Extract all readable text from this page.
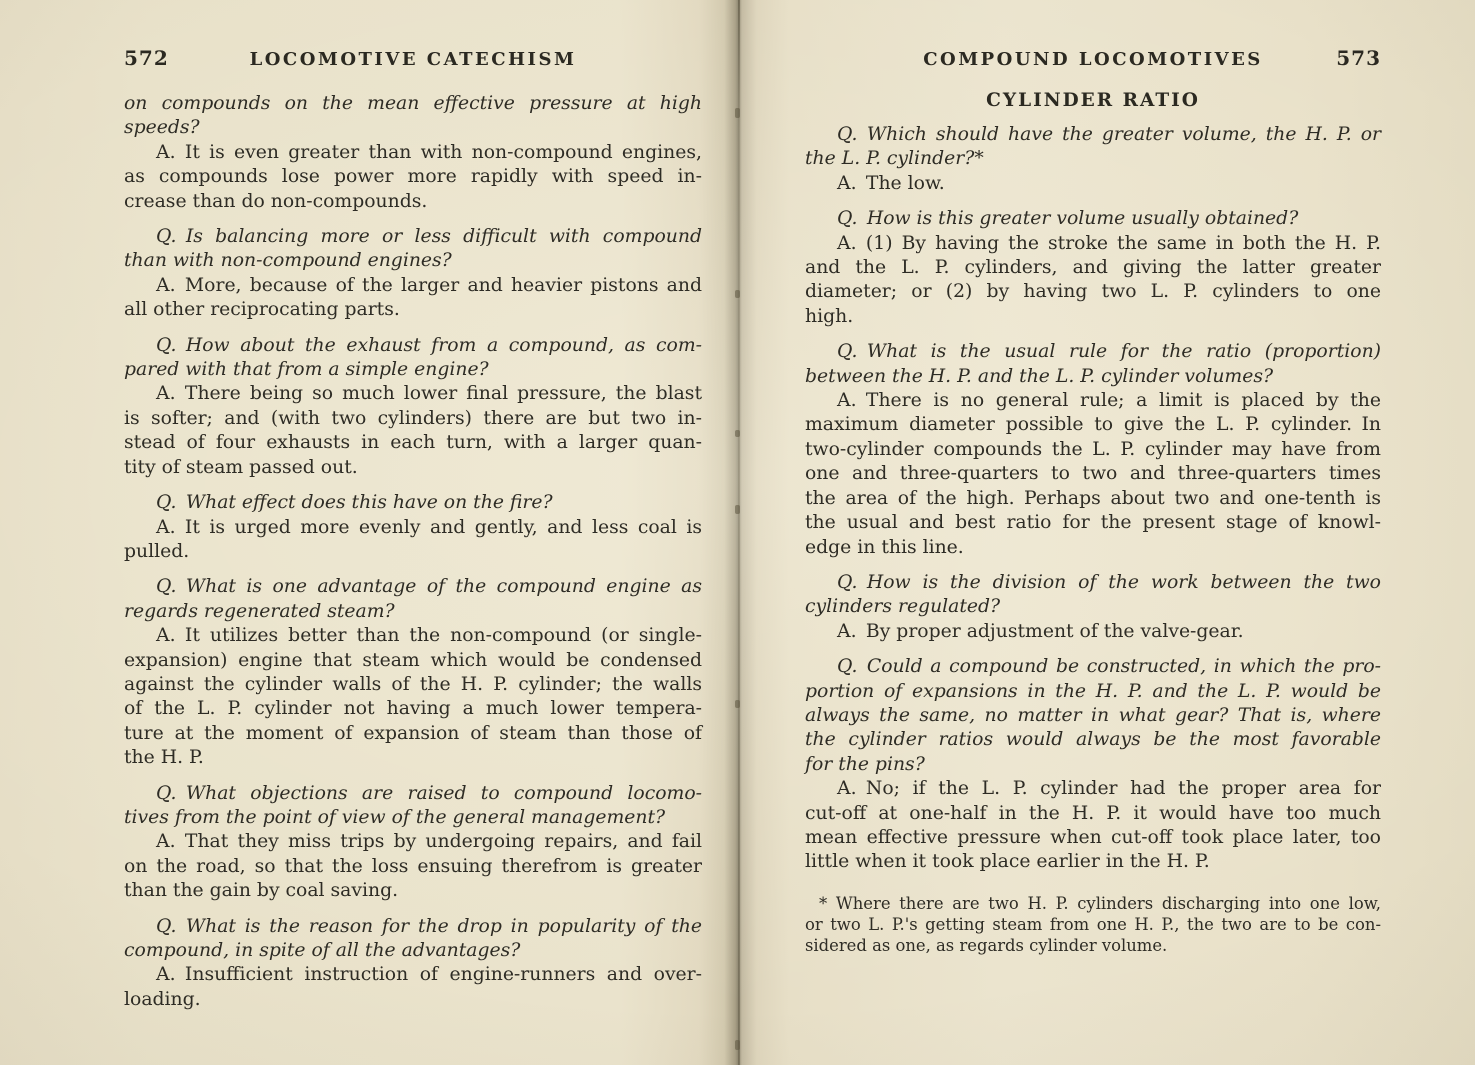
572	LOCOMOTIVE CATECHISM
on compounds on the mean effective pressure at high
speeds?
A. It is even greater than with non-compound engines,
as compounds lose power more rapidly with speed in-
crease than do non-compounds.
Q. Is balancing more or less difficult with compound
than with non-compound engines?
A. More, because of the larger and heavier pistons and
all other reciprocating parts.
Q. How about the exhaust from a compound, as com-
pared with that from a simple engine?
A. There being so much lower final pressure, the blast
is softer; and (with two cylinders) there are but two in-
stead of four exhausts in each turn, with a larger quan-
tity of steam passed out.
Q. What effect does this have on the fire?
A. It is urged more evenly and gently, and less coal is
pulled.
Q. What is one advantage of the compound engine as
regards regenerated steam?
A. It utilizes better than the non-compound (or single-
expansion) engine that steam which would be condensed
against the cylinder walls of the H. P. cylinder; the walls
of the L. P. cylinder not having a much lower tempera-
ture at the moment of expansion of steam than those of
the H. P.
Q. What objections are raised to compound locomo-
tives from the point of view of the general management?
A. That they miss trips by undergoing repairs, and fail
on the road, so that the loss ensuing therefrom is greater
than the gain by coal saving.
Q. What is the reason for the drop in popularity of the
compound, in spite of all the advantages?
A. Insufficient instruction of engine-runners and over-
loading.
COMPOUND LOCOMOTIVES	573
CYLINDER RATIO
Q. Which should have the greater volume, the H. P. or
the L. P. cylinder?*
A. The low.
Q. How is this greater volume usually obtained?
A. (1) By having the stroke the same in both the H. P.
and the L. P. cylinders, and giving the latter greater
diameter; or (2) by having two L. P. cylinders to one
high.
Q. What is the usual rule for the ratio (proportion)
between the H. P. and the L. P. cylinder volumes?
A. There is no general rule; a limit is placed by the
maximum diameter possible to give the L. P. cylinder. In
two-cylinder compounds the L. P. cylinder may have from
one and three-quarters to two and three-quarters times
the area of the high. Perhaps about two and one-tenth is
the usual and best ratio for the present stage of knowl-
edge in this line.
Q. How is the division of the work between the two
cylinders regulated?
A. By proper adjustment of the valve-gear.
Q. Could a compound be constructed, in which the pro-
portion of expansions in the H. P. and the L. P. would be
always the same, no matter in what gear? That is, where
the cylinder ratios would always be the most favorable
for the pins?
A. No; if the L. P. cylinder had the proper area for
cut-off at one-half in the H. P. it would have too much
mean effective pressure when cut-off took place later, too
little when it took place earlier in the H. P.
* Where there are two H. P. cylinders discharging into one low,
or two L. P.'s getting steam from one H. P., the two are to be con-
sidered as one, as regards cylinder volume.
